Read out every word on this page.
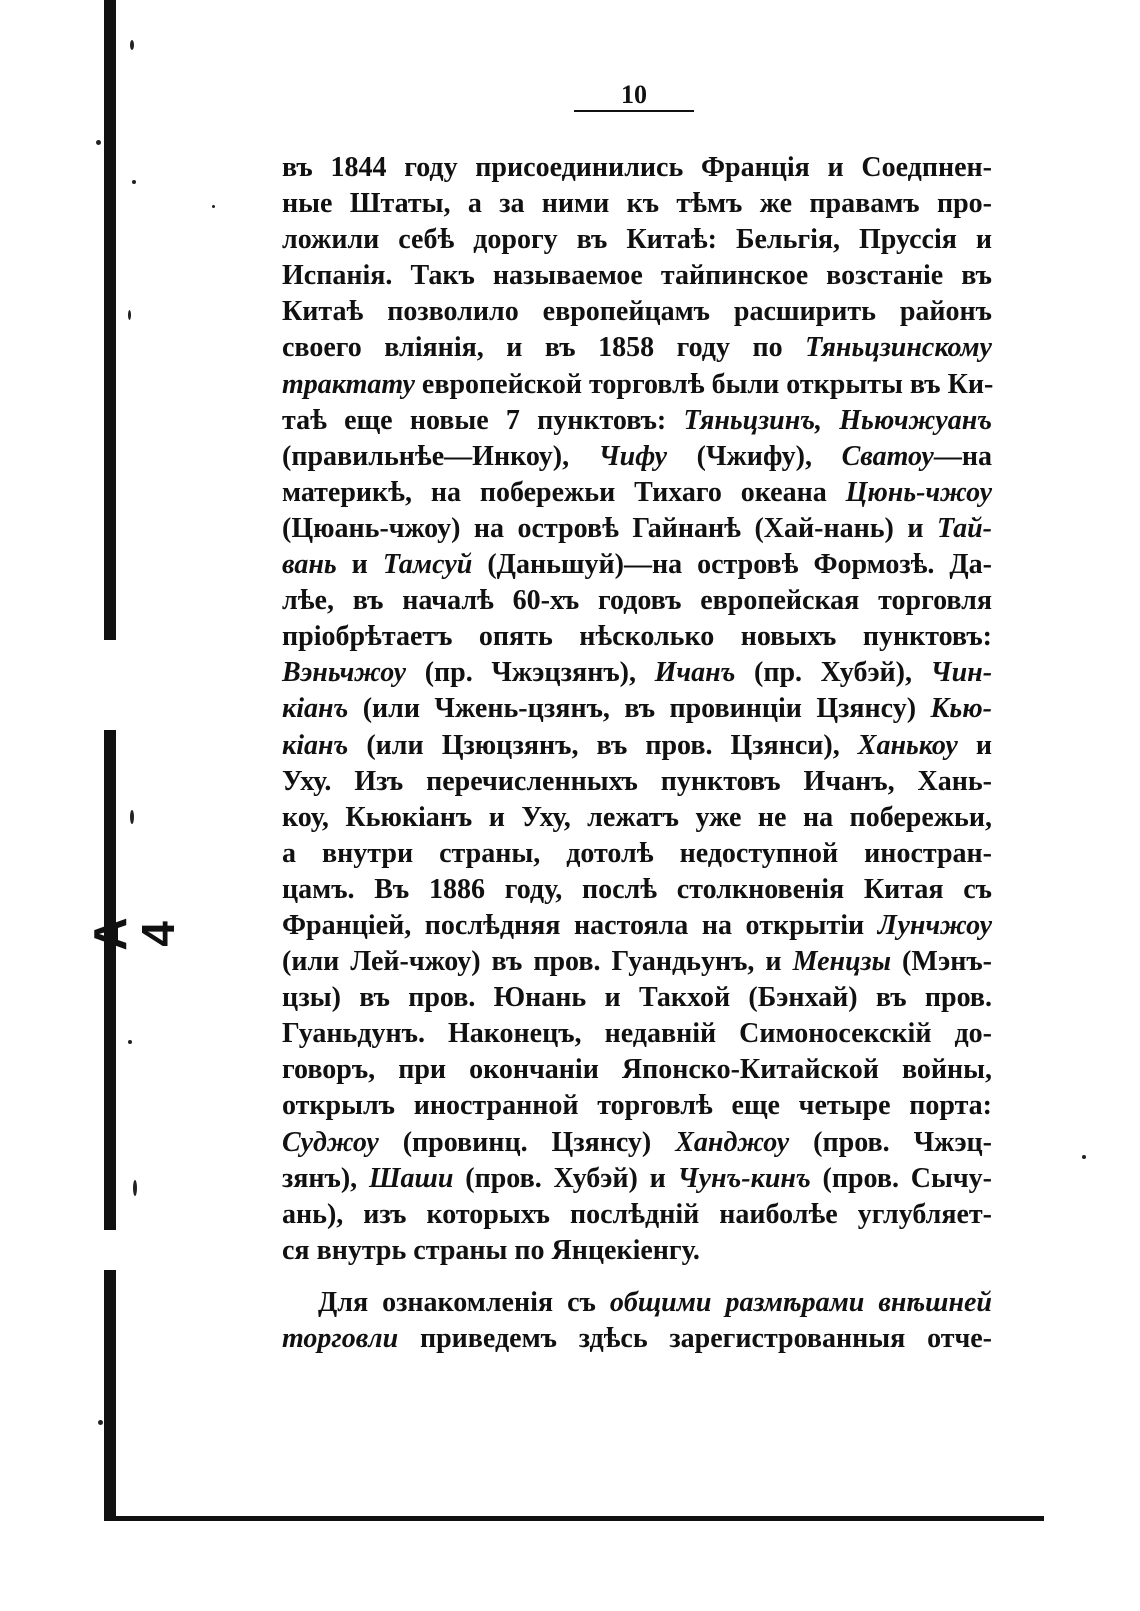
A 4
10
въ 1844 году присоединились Франція и Соедпнен-
ные Штаты, а за ними къ тѣмъ же правамъ про-
ложили себѣ дорогу въ Китаѣ: Бельгія, Пруссія и
Испанія. Такъ называемое тайпинское возстаніе въ
Китаѣ позволило европейцамъ расширить районъ
своего вліянія, и въ 1858 году по Тяньцзинскому
трактату европейской торговлѣ были открыты въ Ки-
таѣ еще новые 7 пунктовъ: Тяньцзинъ, Ньючжуанъ
(правильнѣе—Инкоу), Чифу (Чжифу), Сватоу—на
материкѣ, на побережьи Тихаго океана Цюнь-чжоу
(Цюань-чжоу) на островѣ Гайнанѣ (Хай-нань) и Тай-
вань и Тамсуй (Даньшуй)—на островѣ Формозѣ. Да-
лѣе, въ началѣ 60-хъ годовъ европейская торговля
пріобрѣтаетъ опять нѣсколько новыхъ пунктовъ:
Вэньчжоу (пр. Чжэцзянъ), Ичанъ (пр. Хубэй), Чин-
кіанъ (или Чжень-цзянъ, въ провинціи Цзянсу) Кью-
кіанъ (или Цзюцзянъ, въ пров. Цзянси), Ханькоу и
Уху. Изъ перечисленныхъ пунктовъ Ичанъ, Хань-
коу, Кьюкіанъ и Уху, лежатъ уже не на побережьи,
а внутри страны, дотолѣ недоступной иностран-
цамъ. Въ 1886 году, послѣ столкновенія Китая съ
Франціей, послѣдняя настояла на открытіи Лунчжоу
(или Лей-чжоу) въ пров. Гуандьунъ, и Менцзы (Мэнъ-
цзы) въ пров. Юнань и Такхой (Бэнхай) въ пров.
Гуаньдунъ. Наконецъ, недавній Симоносекскій до-
говоръ, при окончаніи Японско-Китайской войны,
открылъ иностранной торговлѣ еще четыре порта:
Суджоу (провинц. Цзянсу) Ханджоу (пров. Чжэц-
зянъ), Шаши (пров. Хубэй) и Чунъ-кинъ (пров. Сычу-
ань), изъ которыхъ послѣдній наиболѣе углубляет-
ся внутрь страны по Янцекіенгу.
Для ознакомленія съ общими размѣрами внѣшней
торговли приведемъ здѣсь зарегистрованныя отче-
